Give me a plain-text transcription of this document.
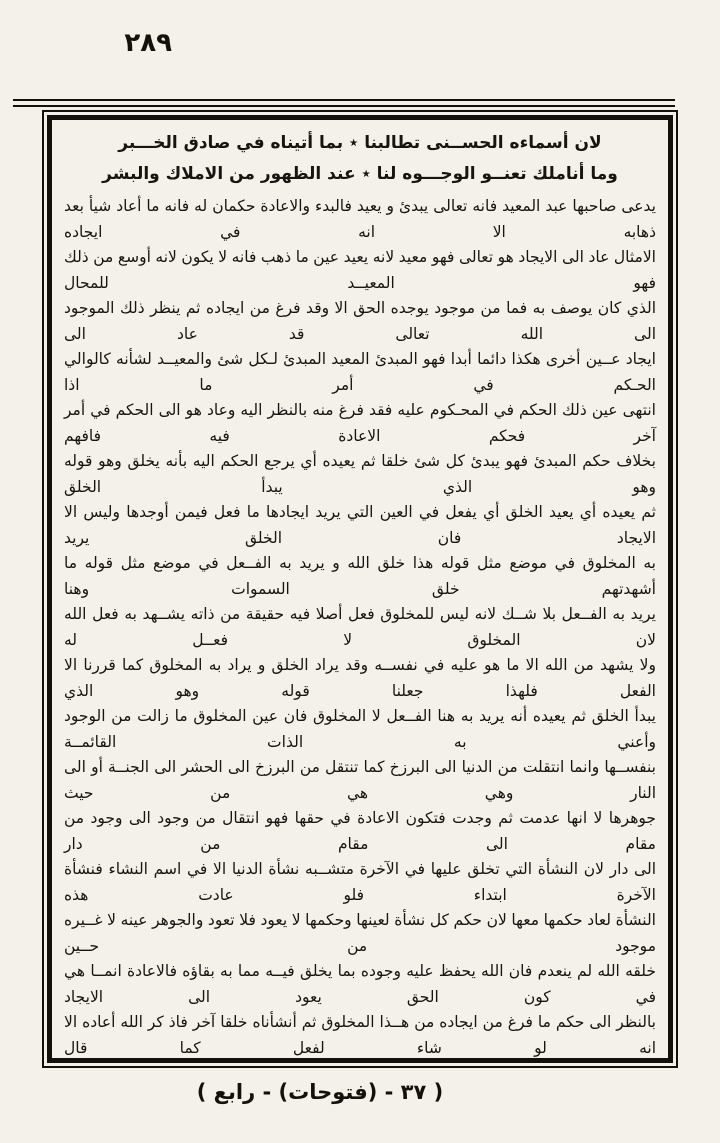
٢٨٩
لان أسماءه الحســنى تطالبنا ٭ بما أتيناه في صادق الخـــبر
وما أناملك تعنــو الوجـــوه لنا ٭ عند الظهور من الاملاك والبشر
يدعى صاحبها عبد المعيد فانه تعالى يبدئ و يعيد فالبدء والاعادة حكمان له فانه ما أعاد شيأ بعد ذهابه الا انه في ايجاده
الامثال عاد الى الايجاد هو تعالى فهو معيد لانه يعيد عين ما ذهب فانه لا يكون لانه أوسع من ذلك فهو المعيــد للمحال
الذي كان يوصف به فما من موجود يوجده الحق الا وقد فرغ من ايجاده ثم ينظر ذلك الموجود الى الله تعالى قد عاد الى
ايجاد عــين أخرى هكذا دائما أبدا فهو المبدئ المعيد المبدئ لـكل شئ والمعيــد لشأنه كالوالي الحـكم في أمر ما اذا
انتهى عين ذلك الحكم في المحـكوم عليه فقد فرغ منه بالنظر اليه وعاد هو الى الحكم في أمر آخر فحكم الاعادة فيه فافهم
بخلاف حكم المبدئ فهو يبدئ كل شئ خلقا ثم يعيده أي يرجع الحكم اليه بأنه يخلق وهو قوله وهو الذي يبدأ الخلق
ثم يعيده أي يعيد الخلق أي يفعل في العين التي يريد ايجادها ما فعل فيمن أوجدها وليس الا الايجاد فان الخلق يريد
به المخلوق في موضع مثل قوله هذا خلق الله و يريد به الفــعل في موضع مثل قوله ما أشهدتهم خلق السموات وهنا
يريد به الفــعل بلا شــك لانه ليس للمخلوق فعل أصلا فيه حقيقة من ذاته يشــهد به فعل الله لان المخلوق لا فعــل له
ولا يشهد من الله الا ما هو عليه في نفســه وقد يراد الخلق و يراد به المخلوق كما قررنا الا الفعل فلهذا جعلنا قوله وهو الذي
يبدأ الخلق ثم يعيده أنه يريد به هنا الفــعل لا المخلوق فان عين المخلوق ما زالت من الوجود وأعني به الذات القائمــة
بنفســها وانما انتقلت من الدنيا الى البرزخ كما تنتقل من البرزخ الى الحشر الى الجنــة أو الى النار وهي هي من حيث
جوهرها لا انها عدمت ثم وجدت فتكون الاعادة في حقها فهو انتقال من وجود الى وجود من مقام الى مقام من دار
الى دار لان النشأة التي تخلق عليها في الآخرة متشــبه نشأة الدنيا الا في اسم النشاء فنشأة الآخرة ابتداء فلو عادت هذه
النشأة لعاد حكمها معها لان حكم كل نشأة لعينها وحكمها لا يعود فلا تعود والجوهر عينه لا غــيره موجود من حــين
خلقه الله لم ينعدم فان الله يحفظ عليه وجوده بما يخلق فيــه مما به بقاؤه فالاعادة انمــا هي في كون الحق يعود الى الايجاد
بالنظر الى حكم ما فرغ من ايجاده من هــذا المخلوق ثم أنشأناه خلقا آخر فاذ كر الله أعاده الا انه لو شاء لفعل كما قال
( ٣٧ - (فتوحات) - رابع )
